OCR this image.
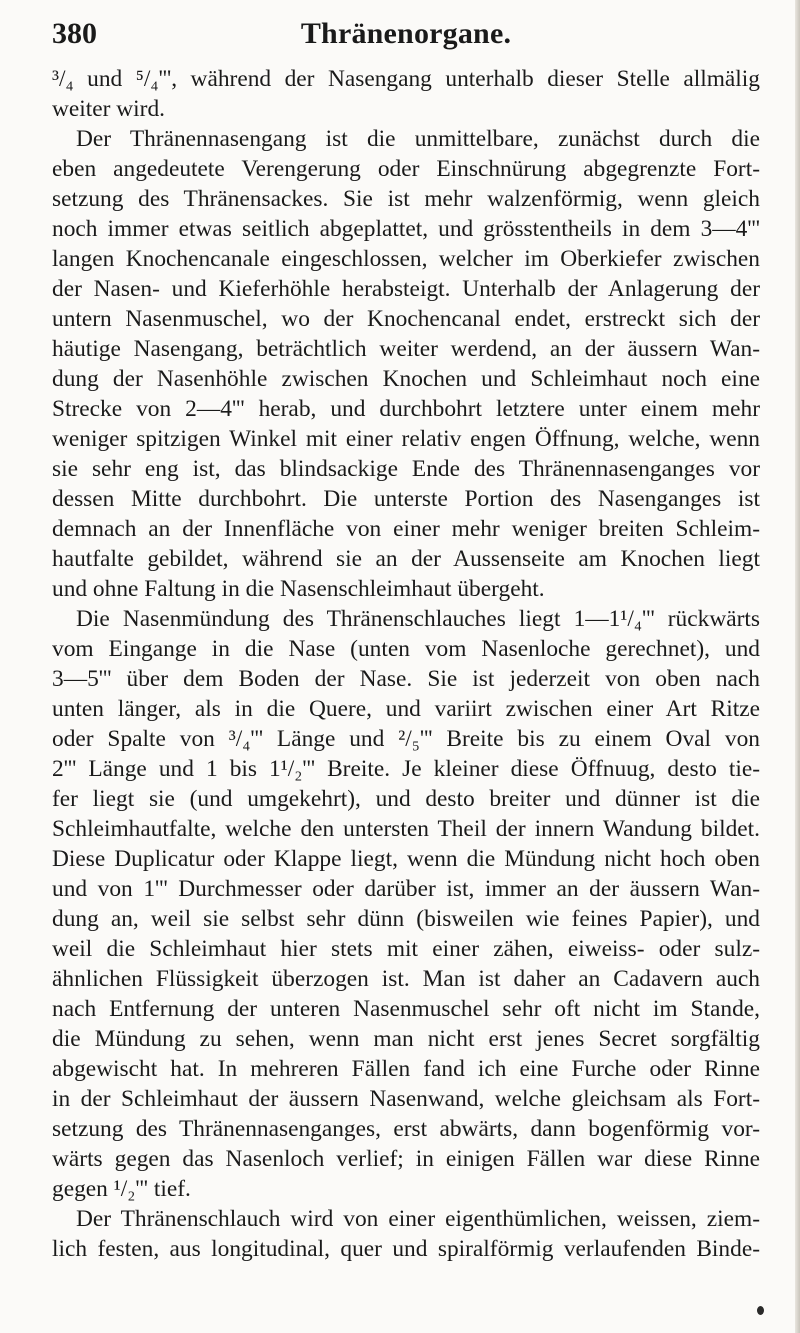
380	Thränenorgane.
³/₄ und ⁵/₄''', während der Nasengang unterhalb dieser Stelle allmälig
weiter wird.
Der Thränennasengang ist die unmittelbare, zunächst durch die
eben angedeutete Verengerung oder Einschnürung abgegrenzte Fort-
setzung des Thränensackes. Sie ist mehr walzenförmig, wenn gleich
noch immer etwas seitlich abgeplattet, und grösstentheils in dem 3—4'''
langen Knochencanale eingeschlossen, welcher im Oberkiefer zwischen
der Nasen- und Kieferhöhle herabsteigt. Unterhalb der Anlagerung der
untern Nasenmuschel, wo der Knochencanal endet, erstreckt sich der
häutige Nasengang, beträchtlich weiter werdend, an der äussern Wan-
dung der Nasenhöhle zwischen Knochen und Schleimhaut noch eine
Strecke von 2—4''' herab, und durchbohrt letztere unter einem mehr
weniger spitzigen Winkel mit einer relativ engen Öffnung, welche, wenn
sie sehr eng ist, das blindsackige Ende des Thränennasenganges vor
dessen Mitte durchbohrt. Die unterste Portion des Nasenganges ist
demnach an der Innenfläche von einer mehr weniger breiten Schleim-
hautfalte gebildet, während sie an der Aussenseite am Knochen liegt
und ohne Faltung in die Nasenschleimhaut übergeht.
Die Nasenmündung des Thränenschlauches liegt 1—1¹/₄''' rückwärts
vom Eingange in die Nase (unten vom Nasenloche gerechnet), und
3—5''' über dem Boden der Nase. Sie ist jederzeit von oben nach
unten länger, als in die Quere, und variirt zwischen einer Art Ritze
oder Spalte von ³/₄''' Länge und ²/₅''' Breite bis zu einem Oval von
2''' Länge und 1 bis 1¹/₂''' Breite. Je kleiner diese Öffnuug, desto tie-
fer liegt sie (und umgekehrt), und desto breiter und dünner ist die
Schleimhautfalte, welche den untersten Theil der innern Wandung bildet.
Diese Duplicatur oder Klappe liegt, wenn die Mündung nicht hoch oben
und von 1''' Durchmesser oder darüber ist, immer an der äussern Wan-
dung an, weil sie selbst sehr dünn (bisweilen wie feines Papier), und
weil die Schleimhaut hier stets mit einer zähen, eiweiss- oder sulz-
ähnlichen Flüssigkeit überzogen ist. Man ist daher an Cadavern auch
nach Entfernung der unteren Nasenmuschel sehr oft nicht im Stande,
die Mündung zu sehen, wenn man nicht erst jenes Secret sorgfältig
abgewischt hat. In mehreren Fällen fand ich eine Furche oder Rinne
in der Schleimhaut der äussern Nasenwand, welche gleichsam als Fort-
setzung des Thränennasenganges, erst abwärts, dann bogenförmig vor-
wärts gegen das Nasenloch verlief; in einigen Fällen war diese Rinne
gegen ¹/₂''' tief.
Der Thränenschlauch wird von einer eigenthümlichen, weissen, ziem-
lich festen, aus longitudinal, quer und spiralförmig verlaufenden Binde-
